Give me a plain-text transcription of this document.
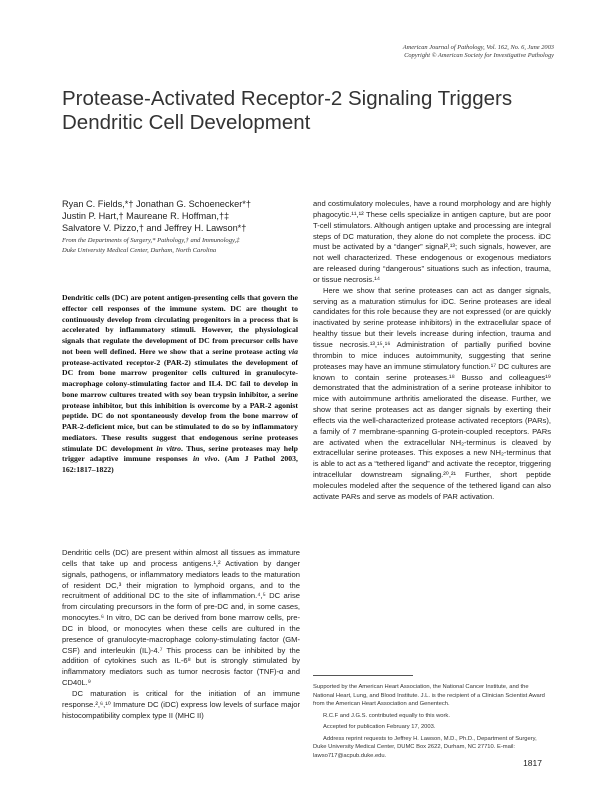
American Journal of Pathology, Vol. 162, No. 6, June 2003
Copyright © American Society for Investigative Pathology
Protease-Activated Receptor-2 Signaling Triggers Dendritic Cell Development
Ryan C. Fields,*† Jonathan G. Schoenecker*†
Justin P. Hart,† Maureane R. Hoffman,†‡
Salvatore V. Pizzo,† and Jeffrey H. Lawson*†
From the Departments of Surgery,* Pathology,† and Immunology,‡
Duke University Medical Center, Durham, North Carolina
Dendritic cells (DC) are potent antigen-presenting cells that govern the effector cell responses of the immune system. DC are thought to continuously develop from circulating progenitors in a process that is accelerated by inflammatory stimuli. However, the physiological signals that regulate the development of DC from precursor cells have not been well defined. Here we show that a serine protease acting via protease-activated receptor-2 (PAR-2) stimulates the development of DC from bone marrow progenitor cells cultured in granulocyte-macrophage colony-stimulating factor and IL4. DC fail to develop in bone marrow cultures treated with soy bean trypsin inhibitor, a serine protease inhibitor, but this inhibition is overcome by a PAR-2 agonist peptide. DC do not spontaneously develop from the bone marrow of PAR-2-deficient mice, but can be stimulated to do so by inflammatory mediators. These results suggest that endogenous serine proteases stimulate DC development in vitro. Thus, serine proteases may help trigger adaptive immune responses in vivo. (Am J Pathol 2003, 162:1817–1822)

Dendritic cells (DC) are present within almost all tissues as immature cells that take up and process antigens.¹,² Activation by danger signals, pathogens, or inflammatory mediators leads to the maturation of resident DC,³ their migration to lymphoid organs, and to the recruitment of additional DC to the site of inflammation.⁴,⁵ DC arise from circulating precursors in the form of pre-DC and, in some cases, monocytes.⁶ In vitro, DC can be derived from bone marrow cells, pre-DC in blood, or monocytes when these cells are cultured in the presence of granulocyte-macrophage colony-stimulating factor (GM-CSF) and interleukin (IL)-4.⁷ This process can be inhibited by the addition of cytokines such as IL-6⁸ but is strongly stimulated by inflammatory mediators such as tumor necrosis factor (TNF)-α and CD40L.⁹

DC maturation is critical for the initiation of an immune response.²,⁶,¹⁰ Immature DC (iDC) express low levels of surface major histocompatibility complex type II (MHC II)

and costimulatory molecules, have a round morphology and are highly phagocytic.¹¹,¹² These cells specialize in antigen capture, but are poor T-cell stimulators. Although antigen uptake and processing are integral steps of DC maturation, they alone do not complete the process. iDC must be activated by a “danger” signal²,¹³; such signals, however, are not well characterized. These endogenous or exogenous mediators are released during “dangerous” situations such as infection, trauma, or tissue necrosis.¹⁴

Here we show that serine proteases can act as danger signals, serving as a maturation stimulus for iDC. Serine proteases are ideal candidates for this role because they are not expressed (or are quickly inactivated by serine protease inhibitors) in the extracellular space of healthy tissue but their levels increase during infection, trauma and tissue necrosis.¹³,¹⁵,¹⁶ Administration of partially purified bovine thrombin to mice induces autoimmunity, suggesting that serine proteases may have an immune stimulatory function.¹⁷ DC cultures are known to contain serine proteases.¹⁸ Busso and colleagues¹⁹ demonstrated that the administration of a serine protease inhibitor to mice with autoimmune arthritis ameliorated the disease. Further, we show that serine proteases act as danger signals by exerting their effects via the well-characterized protease activated receptors (PARs), a family of 7 membrane-spanning G-protein-coupled receptors. PARs are activated when the extracellular NH₂-terminus is cleaved by extracellular serine proteases. This exposes a new NH₂-terminus that is able to act as a “tethered ligand” and activate the receptor, triggering intracellular downstream signaling.²⁰,²¹ Further, short peptide molecules modeled after the sequence of the tethered ligand can also activate PARs and serve as models of PAR activation.

Supported by the American Heart Association, the National Cancer Institute, and the National Heart, Lung, and Blood Institute. J.L. is the recipient of a Clinician Scientist Award from the American Heart Association and Genentech.

R.C.F and J.G.S. contributed equally to this work.

Accepted for publication February 17, 2003.

Address reprint requests to Jeffrey H. Lawson, M.D., Ph.D., Department of Surgery, Duke University Medical Center, DUMC Box 2622, Durham, NC 27710. E-mail: lawso717@acpub.duke.edu.

1817
